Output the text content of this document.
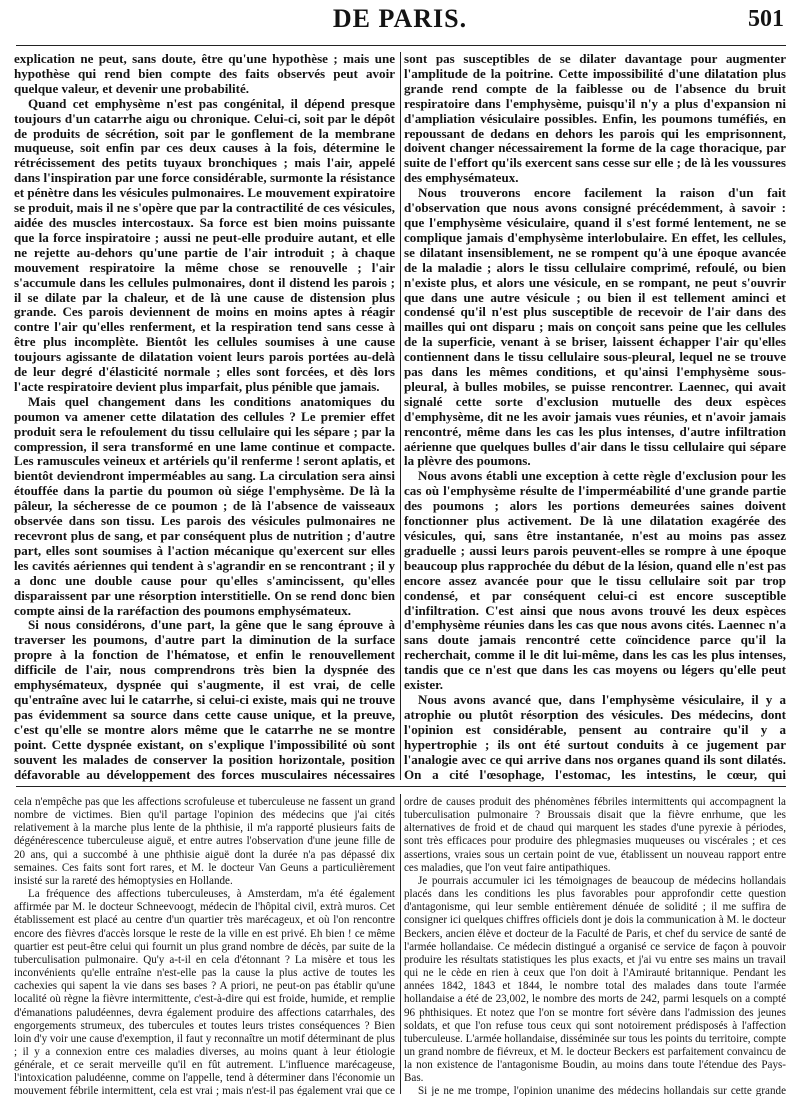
DE PARIS.	501

explication ne peut, sans doute, être qu'une hypothèse ; mais une hypothèse qui rend bien compte des faits observés peut avoir quelque valeur, et devenir une probabilité.

Quand cet emphysème n'est pas congénital, il dépend presque toujours d'un catarrhe aigu ou chronique. Celui-ci, soit par le dépôt de produits de sécrétion, soit par le gonflement de la membrane muqueuse, soit enfin par ces deux causes à la fois, détermine le rétrécissement des petits tuyaux bronchiques ; mais l'air, appelé dans l'inspiration par une force considérable, surmonte la résistance et pénètre dans les vésicules pulmonaires. Le mouvement expiratoire se produit, mais il ne s'opère que par la contractilité de ces vésicules, aidée des muscles intercostaux. Sa force est bien moins puissante que la force inspiratoire ; aussi ne peut-elle produire autant, et elle ne rejette au-dehors qu'une partie de l'air introduit ; à chaque mouvement respiratoire la même chose se renouvelle ; l'air s'accumule dans les cellules pulmonaires, dont il distend les parois ; il se dilate par la chaleur, et de là une cause de distension plus grande. Ces parois deviennent de moins en moins aptes à réagir contre l'air qu'elles renferment, et la respiration tend sans cesse à être plus incomplète. Bientôt les cellules soumises à une cause toujours agissante de dilatation voient leurs parois portées au-delà de leur degré d'élasticité normale ; elles sont forcées, et dès lors l'acte respiratoire devient plus imparfait, plus pénible que jamais.

Mais quel changement dans les conditions anatomiques du poumon va amener cette dilatation des cellules ? Le premier effet produit sera le refoulement du tissu cellulaire qui les sépare ; par la compression, il sera transformé en une lame continue et compacte. Les ramuscules veineux et artériels qu'il renferme ! seront aplatis, et bientôt deviendront imperméables au sang. La circulation sera ainsi étouffée dans la partie du poumon où siége l'emphysème. De là la pâleur, la sécheresse de ce poumon ; de là l'absence de vaisseaux observée dans son tissu. Les parois des vésicules pulmonaires ne recevront plus de sang, et par conséquent plus de nutrition ; d'autre part, elles sont soumises à l'action mécanique qu'exercent sur elles les cavités aériennes qui tendent à s'agrandir en se rencontrant ; il y a donc une double cause pour qu'elles s'amincissent, qu'elles disparaissent par une résorption interstitielle. On se rend donc bien compte ainsi de la raréfaction des poumons emphysémateux.

Si nous considérons, d'une part, la gêne que le sang éprouve à traverser les poumons, d'autre part la diminution de la surface propre à la fonction de l'hématose, et enfin le renouvellement difficile de l'air, nous comprendrons très bien la dyspnée des emphysémateux, dyspnée qui s'augmente, il est vrai, de celle qu'entraîne avec lui le catarrhe, si celui-ci existe, mais qui ne trouve pas évidemment sa source dans cette cause unique, et la preuve, c'est qu'elle se montre alors même que le catarrhe ne se montre point. Cette dyspnée existant, on s'explique l'impossibilité où sont souvent les malades de conserver la position horizontale, position défavorable au développement des forces musculaires nécessaires

sont pas susceptibles de se dilater davantage pour augmenter l'amplitude de la poitrine. Cette impossibilité d'une dilatation plus grande rend compte de la faiblesse ou de l'absence du bruit respiratoire dans l'emphysème, puisqu'il n'y a plus d'expansion ni d'ampliation vésiculaire possibles. Enfin, les poumons tuméfiés, en repoussant de dedans en dehors les parois qui les emprisonnent, doivent changer nécessairement la forme de la cage thoracique, par suite de l'effort qu'ils exercent sans cesse sur elle ; de là les voussures des emphysémateux.

Nous trouverons encore facilement la raison d'un fait d'observation que nous avons consigné précédemment, à savoir : que l'emphysème vésiculaire, quand il s'est formé lentement, ne se complique jamais d'emphysème interlobulaire. En effet, les cellules, se dilatant insensiblement, ne se rompent qu'à une époque avancée de la maladie ; alors le tissu cellulaire comprimé, refoulé, ou bien n'existe plus, et alors une vésicule, en se rompant, ne peut s'ouvrir que dans une autre vésicule ; ou bien il est tellement aminci et condensé qu'il n'est plus susceptible de recevoir de l'air dans des mailles qui ont disparu ; mais on conçoit sans peine que les cellules de la superficie, venant à se briser, laissent échapper l'air qu'elles contiennent dans le tissu cellulaire sous-pleural, lequel ne se trouve pas dans les mêmes conditions, et qu'ainsi l'emphysème sous-pleural, à bulles mobiles, se puisse rencontrer. Laennec, qui avait signalé cette sorte d'exclusion mutuelle des deux espèces d'emphysème, dit ne les avoir jamais vues réunies, et n'avoir jamais rencontré, même dans les cas les plus intenses, d'autre infiltration aérienne que quelques bulles d'air dans le tissu cellulaire qui sépare la plèvre des poumons.

Nous avons établi une exception à cette règle d'exclusion pour les cas où l'emphysème résulte de l'imperméabilité d'une grande partie des poumons ; alors les portions demeurées saines doivent fonctionner plus activement. De là une dilatation exagérée des vésicules, qui, sans être instantanée, n'est au moins pas assez graduelle ; aussi leurs parois peuvent-elles se rompre à une époque beaucoup plus rapprochée du début de la lésion, quand elle n'est pas encore assez avancée pour que le tissu cellulaire soit par trop condensé, et par conséquent celui-ci est encore susceptible d'infiltration. C'est ainsi que nous avons trouvé les deux espèces d'emphysème réunies dans les cas que nous avons cités. Laennec n'a sans doute jamais rencontré cette coïncidence parce qu'il la recherchait, comme il le dit lui-même, dans les cas les plus intenses, tandis que ce n'est que dans les cas moyens ou légers qu'elle peut exister.

Nous avons avancé que, dans l'emphysème vésiculaire, il y a atrophie ou plutôt résorption des vésicules. Des médecins, dont l'opinion est considérable, pensent au contraire qu'il y a hypertrophie ; ils ont été surtout conduits à ce jugement par l'analogie avec ce qui arrive dans nos organes quand ils sont dilatés. On a cité l'œsophage, l'estomac, les intestins, le cœur, qui

cela n'empêche pas que les affections scrofuleuse et tuberculeuse ne fassent un grand nombre de victimes. Bien qu'il partage l'opinion des médecins que j'ai cités relativement à la marche plus lente de la phthisie, il m'a rapporté plusieurs faits de dégénérescence tuberculeuse aiguë, et entre autres l'observation d'une jeune fille de 20 ans, qui a succombé à une phthisie aiguë dont la durée n'a pas dépassé dix semaines. Ces faits sont fort rares, et M. le docteur Van Geuns a particulièrement insisté sur la rareté des hémoptysies en Hollande.

La fréquence des affections tuberculeuses, à Amsterdam, m'a été également affirmée par M. le docteur Schneevoogt, médecin de l'hôpital civil, extrà muros. Cet établissement est placé au centre d'un quartier très marécageux, et où l'on rencontre encore des fièvres d'accès lorsque le reste de la ville en est privé. Eh bien ! ce même quartier est peut-être celui qui fournit un plus grand nombre de décès, par suite de la tuberculisation pulmonaire. Qu'y a-t-il en cela d'étonnant ? La misère et tous les inconvénients qu'elle entraîne n'est-elle pas la cause la plus active de toutes les cachexies qui sapent la vie dans ses bases ? A priori, ne peut-on pas établir qu'une localité où règne la fièvre intermittente, c'est-à-dire qui est froide, humide, et remplie d'émanations paludéennes, devra également produire des affections catarrhales, des engorgements strumeux, des tubercules et toutes leurs tristes conséquences ? Bien loin d'y voir une cause d'exemption, il faut y reconnaître un motif déterminant de plus ; il y a connexion entre ces maladies diverses, au moins quant à leur étiologie générale, et ce serait merveille qu'il en fût autrement. L'influence marécageuse, l'intoxication paludéenne, comme on l'appelle, tend à déterminer dans l'économie un mouvement fébrile intermittent, cela est vrai ; mais n'est-il pas également vrai que ce

ordre de causes produit des phénomènes fébriles intermittents qui accompagnent la tuberculisation pulmonaire ? Broussais disait que la fièvre enrhume, que les alternatives de froid et de chaud qui marquent les stades d'une pyrexie à périodes, sont très efficaces pour produire des phlegmasies muqueuses ou viscérales ; et ces assertions, vraies sous un certain point de vue, établissent un nouveau rapport entre ces maladies, que l'on veut faire antipathiques.

Je pourrais accumuler ici les témoignages de beaucoup de médecins hollandais placés dans les conditions les plus favorables pour approfondir cette question d'antagonisme, qui leur semble entièrement dénuée de solidité ; il me suffira de consigner ici quelques chiffres officiels dont je dois la communication à M. le docteur Beckers, ancien élève et docteur de la Faculté de Paris, et chef du service de santé de l'armée hollandaise. Ce médecin distingué a organisé ce service de façon à pouvoir produire les résultats statistiques les plus exacts, et j'ai vu entre ses mains un travail qui ne le cède en rien à ceux que l'on doit à l'Amirauté britannique. Pendant les années 1842, 1843 et 1844, le nombre total des malades dans toute l'armée hollandaise a été de 23,002, le nombre des morts de 242, parmi lesquels on a compté 96 phthisiques. Et notez que l'on se montre fort sévère dans l'admission des jeunes soldats, et que l'on refuse tous ceux qui sont notoirement prédisposés à l'affection tuberculeuse. L'armée hollandaise, disséminée sur tous les points du territoire, compte un grand nombre de fiévreux, et M. le docteur Beckers est parfaitement convaincu de la non existence de l'antagonisme Boudin, au moins dans toute l'étendue des Pays-Bas.

Si je ne me trompe, l'opinion unanime des médecins hollandais sur cette grande
